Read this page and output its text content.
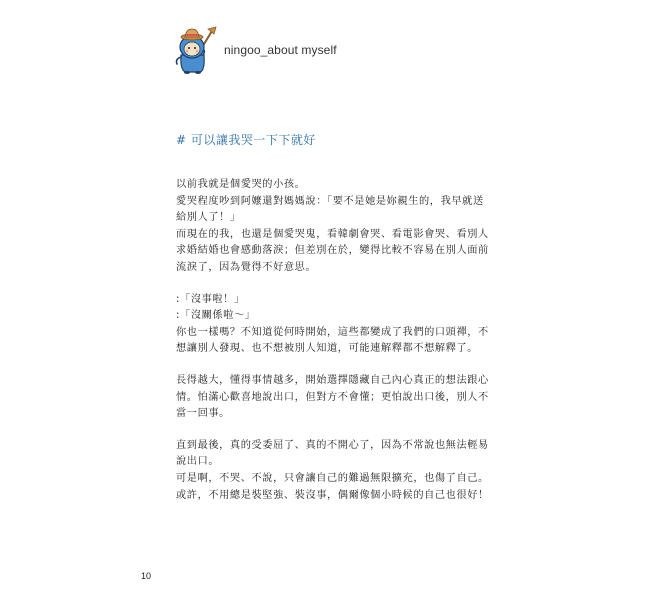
ningoo_about myself
# 可以讓我哭一下下就好
以前我就是個愛哭的小孩。
愛哭程度吵到阿嬤還對媽媽說：「要不是她是妳親生的，我早就送
給別人了！」
而現在的我，也還是個愛哭鬼，看韓劇會哭、看電影會哭、看別人
求婚結婚也會感動落淚；但差別在於，變得比較不容易在別人面前
流淚了，因為覺得不好意思。
:「沒事啦！」
:「沒關係啦～」
你也一樣嗎？不知道從何時開始，這些都變成了我們的口頭禪，不
想讓別人發現、也不想被別人知道，可能連解釋都不想解釋了。
長得越大，懂得事情越多，開始選擇隱藏自己內心真正的想法跟心
情。怕滿心歡喜地說出口，但對方不會懂；更怕說出口後，別人不
當一回事。
直到最後，真的受委屈了、真的不開心了，因為不常說也無法輕易
說出口。
可是啊，不哭、不說，只會讓自己的難過無限擴充，也傷了自己。
或許，不用總是裝堅強、裝沒事，偶爾像個小時候的自己也很好！
10
